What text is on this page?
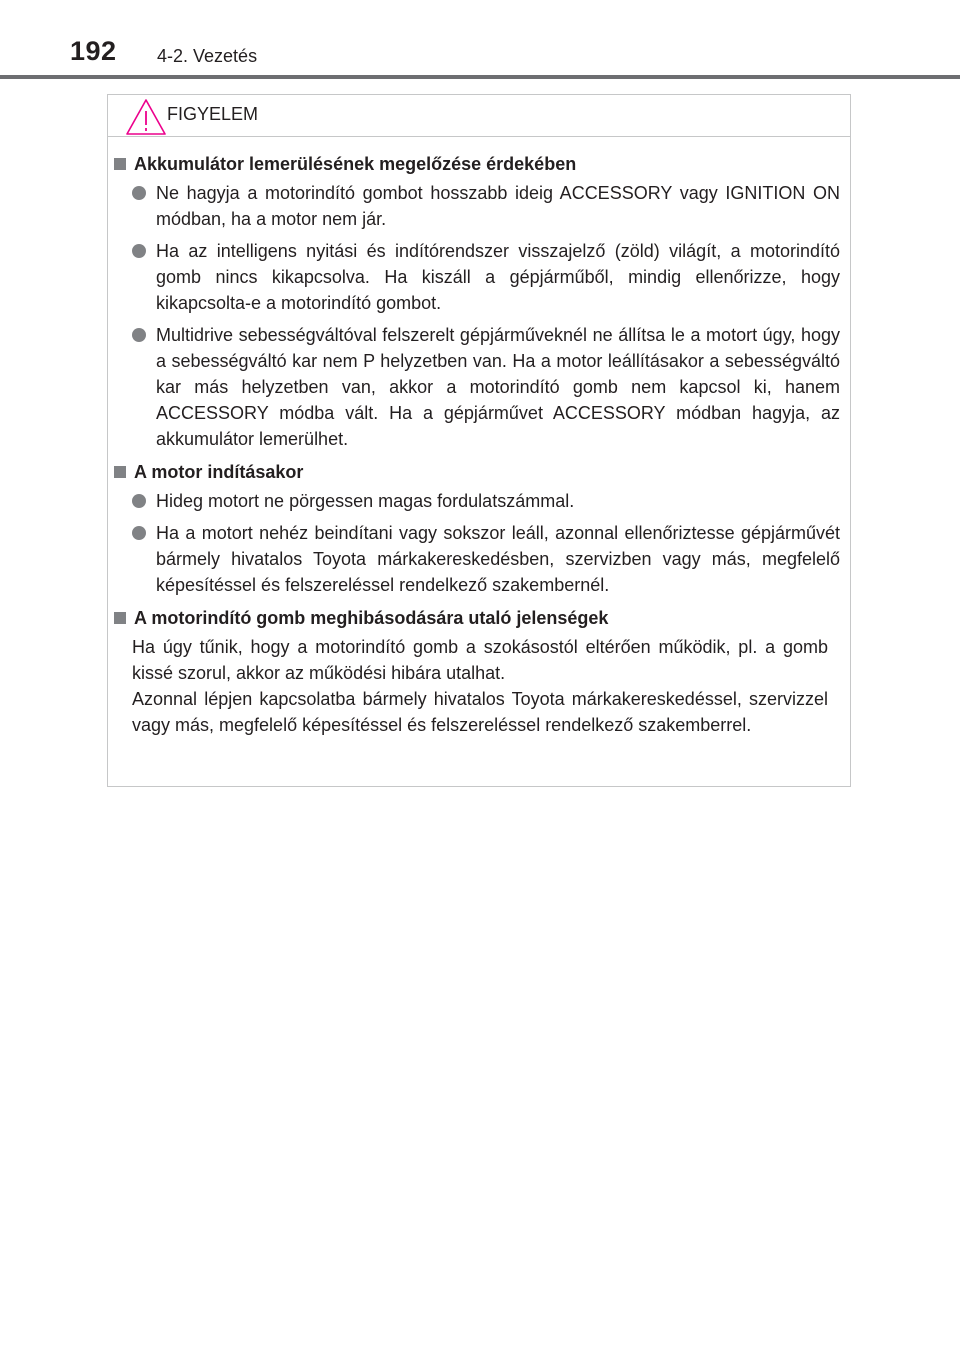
192 4-2. Vezetés
FIGYELEM
Akkumulátor lemerülésének megelőzése érdekében
Ne hagyja a motorindító gombot hosszabb ideig ACCESSORY vagy IGNITION ON módban, ha a motor nem jár.
Ha az intelligens nyitási és indítórendszer visszajelző (zöld) világít, a motorindító gomb nincs kikapcsolva. Ha kiszáll a gépjárműből, mindig ellenőrizze, hogy kikapcsolta-e a motorindító gombot.
Multidrive sebességváltóval felszerelt gépjárműveknél ne állítsa le a motort úgy, hogy a sebességváltó kar nem P helyzetben van. Ha a motor leállításakor a sebességváltó kar más helyzetben van, akkor a motorindító gomb nem kapcsol ki, hanem ACCESSORY módba vált. Ha a gépjárművet ACCESSORY módban hagyja, az akkumulátor lemerülhet.
A motor indításakor
Hideg motort ne pörgessen magas fordulatszámmal.
Ha a motort nehéz beindítani vagy sokszor leáll, azonnal ellenőriztesse gépjárművét bármely hivatalos Toyota márkakereskedésben, szervizben vagy más, megfelelő képesítéssel és felszereléssel rendelkező szakembernél.
A motorindító gomb meghibásodására utaló jelenségek
Ha úgy tűnik, hogy a motorindító gomb a szokásostól eltérően működik, pl. a gomb kissé szorul, akkor az működési hibára utalhat.
Azonnal lépjen kapcsolatba bármely hivatalos Toyota márkakereskedéssel, szervizzel vagy más, megfelelő képesítéssel és felszereléssel rendelkező szakemberrel.
